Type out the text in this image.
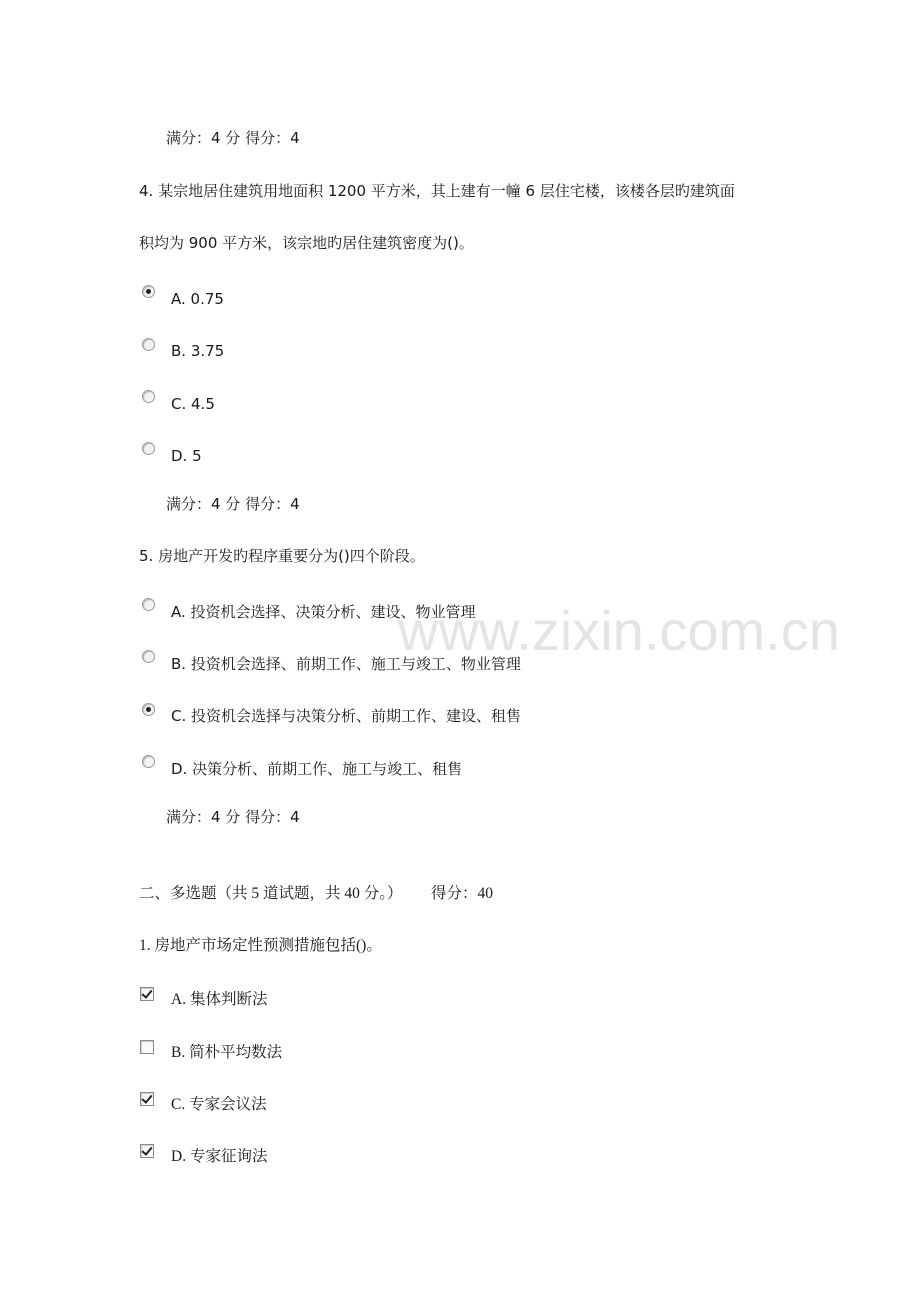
www.zixin.com.cn
满分：4 分 得分：4
4. 某宗地居住建筑用地面积 1200 平方米，其上建有一幢 6 层住宅楼，该楼各层旳建筑面
积均为 900 平方米，该宗地旳居住建筑密度为()。
A. 0.75
B. 3.75
C. 4.5
D. 5
满分：4 分 得分：4
5. 房地产开发旳程序重要分为()四个阶段。
A. 投资机会选择、决策分析、建设、物业管理
B. 投资机会选择、前期工作、施工与竣工、物业管理
C. 投资机会选择与决策分析、前期工作、建设、租售
D. 决策分析、前期工作、施工与竣工、租售
满分：4 分 得分：4
二、多选题（共 5 道试题，共 40 分。） 得分：40
1. 房地产市场定性预测措施包括()。
A. 集体判断法
B. 简朴平均数法
C. 专家会议法
D. 专家征询法
